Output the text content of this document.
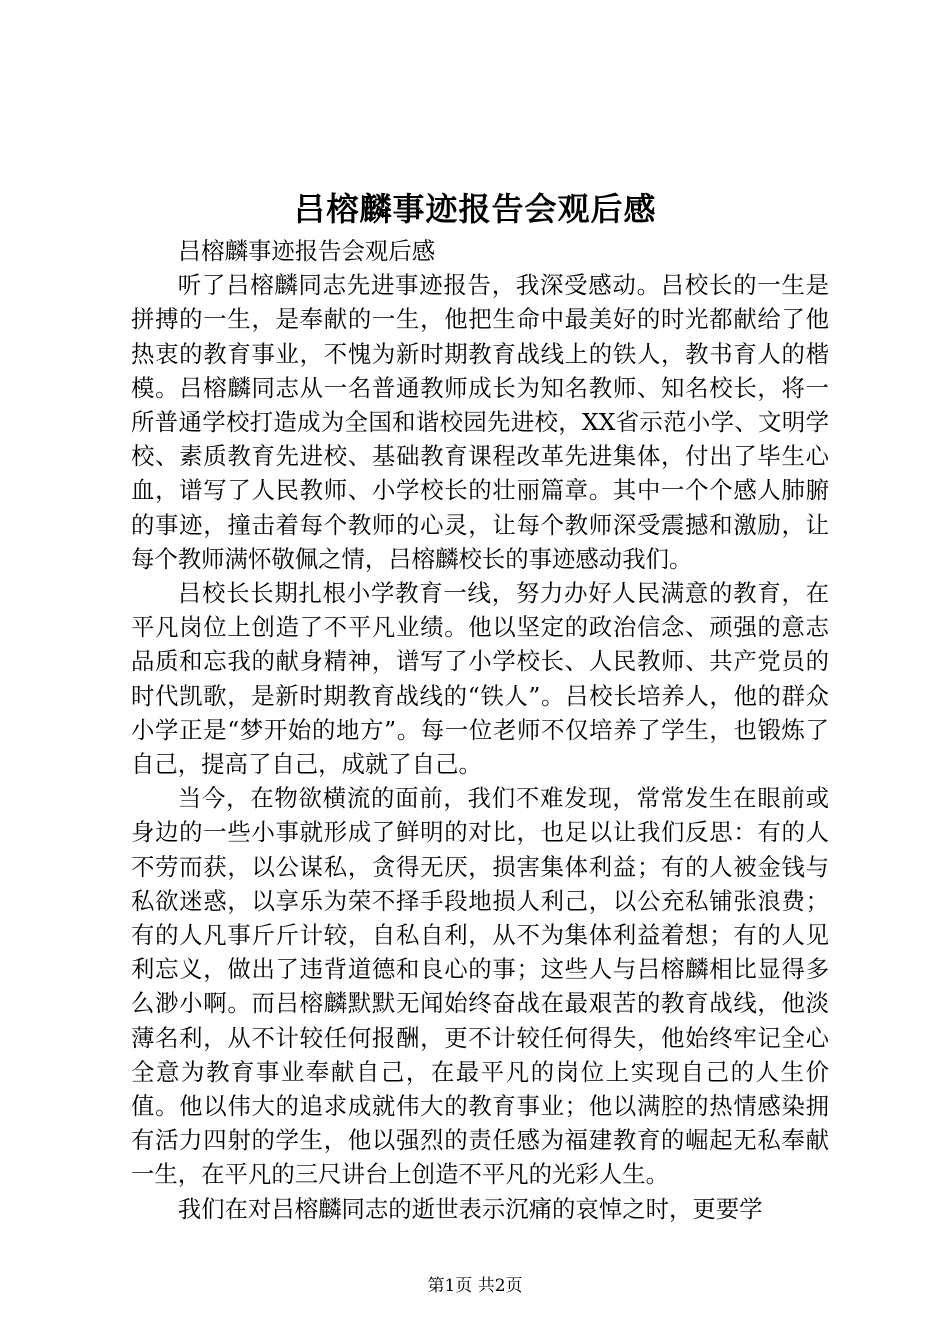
吕榕麟事迹报告会观后感

吕榕麟事迹报告会观后感

听了吕榕麟同志先进事迹报告，我深受感动。吕校长的一生是拼搏的一生，是奉献的一生，他把生命中最美好的时光都献给了他热衷的教育事业，不愧为新时期教育战线上的铁人，教书育人的楷模。吕榕麟同志从一名普通教师成长为知名教师、知名校长，将一所普通学校打造成为全国和谐校园先进校，XX省示范小学、文明学校、素质教育先进校、基础教育课程改革先进集体，付出了毕生心血，谱写了人民教师、小学校长的壮丽篇章。其中一个个感人肺腑的事迹，撞击着每个教师的心灵，让每个教师深受震撼和激励，让每个教师满怀敬佩之情，吕榕麟校长的事迹感动我们。

吕校长长期扎根小学教育一线，努力办好人民满意的教育，在平凡岗位上创造了不平凡业绩。他以坚定的政治信念、顽强的意志品质和忘我的献身精神，谱写了小学校长、人民教师、共产党员的时代凯歌，是新时期教育战线的“铁人”。吕校长培养人，他的群众小学正是“梦开始的地方”。每一位老师不仅培养了学生，也锻炼了自己，提高了自己，成就了自己。

当今，在物欲横流的面前，我们不难发现，常常发生在眼前或身边的一些小事就形成了鲜明的对比，也足以让我们反思：有的人不劳而获，以公谋私，贪得无厌，损害集体利益；有的人被金钱与私欲迷惑，以享乐为荣不择手段地损人利己，以公充私铺张浪费；有的人凡事斤斤计较，自私自利，从不为集体利益着想；有的人见利忘义，做出了违背道德和良心的事；这些人与吕榕麟相比显得多么渺小啊。而吕榕麟默默无闻始终奋战在最艰苦的教育战线，他淡薄名利，从不计较任何报酬，更不计较任何得失，他始终牢记全心全意为教育事业奉献自己，在最平凡的岗位上实现自己的人生价值。他以伟大的追求成就伟大的教育事业；他以满腔的热情感染拥有活力四射的学生，他以强烈的责任感为福建教育的崛起无私奉献一生，在平凡的三尺讲台上创造不平凡的光彩人生。

我们在对吕榕麟同志的逝世表示沉痛的哀悼之时，更要学

第1页 共2页
